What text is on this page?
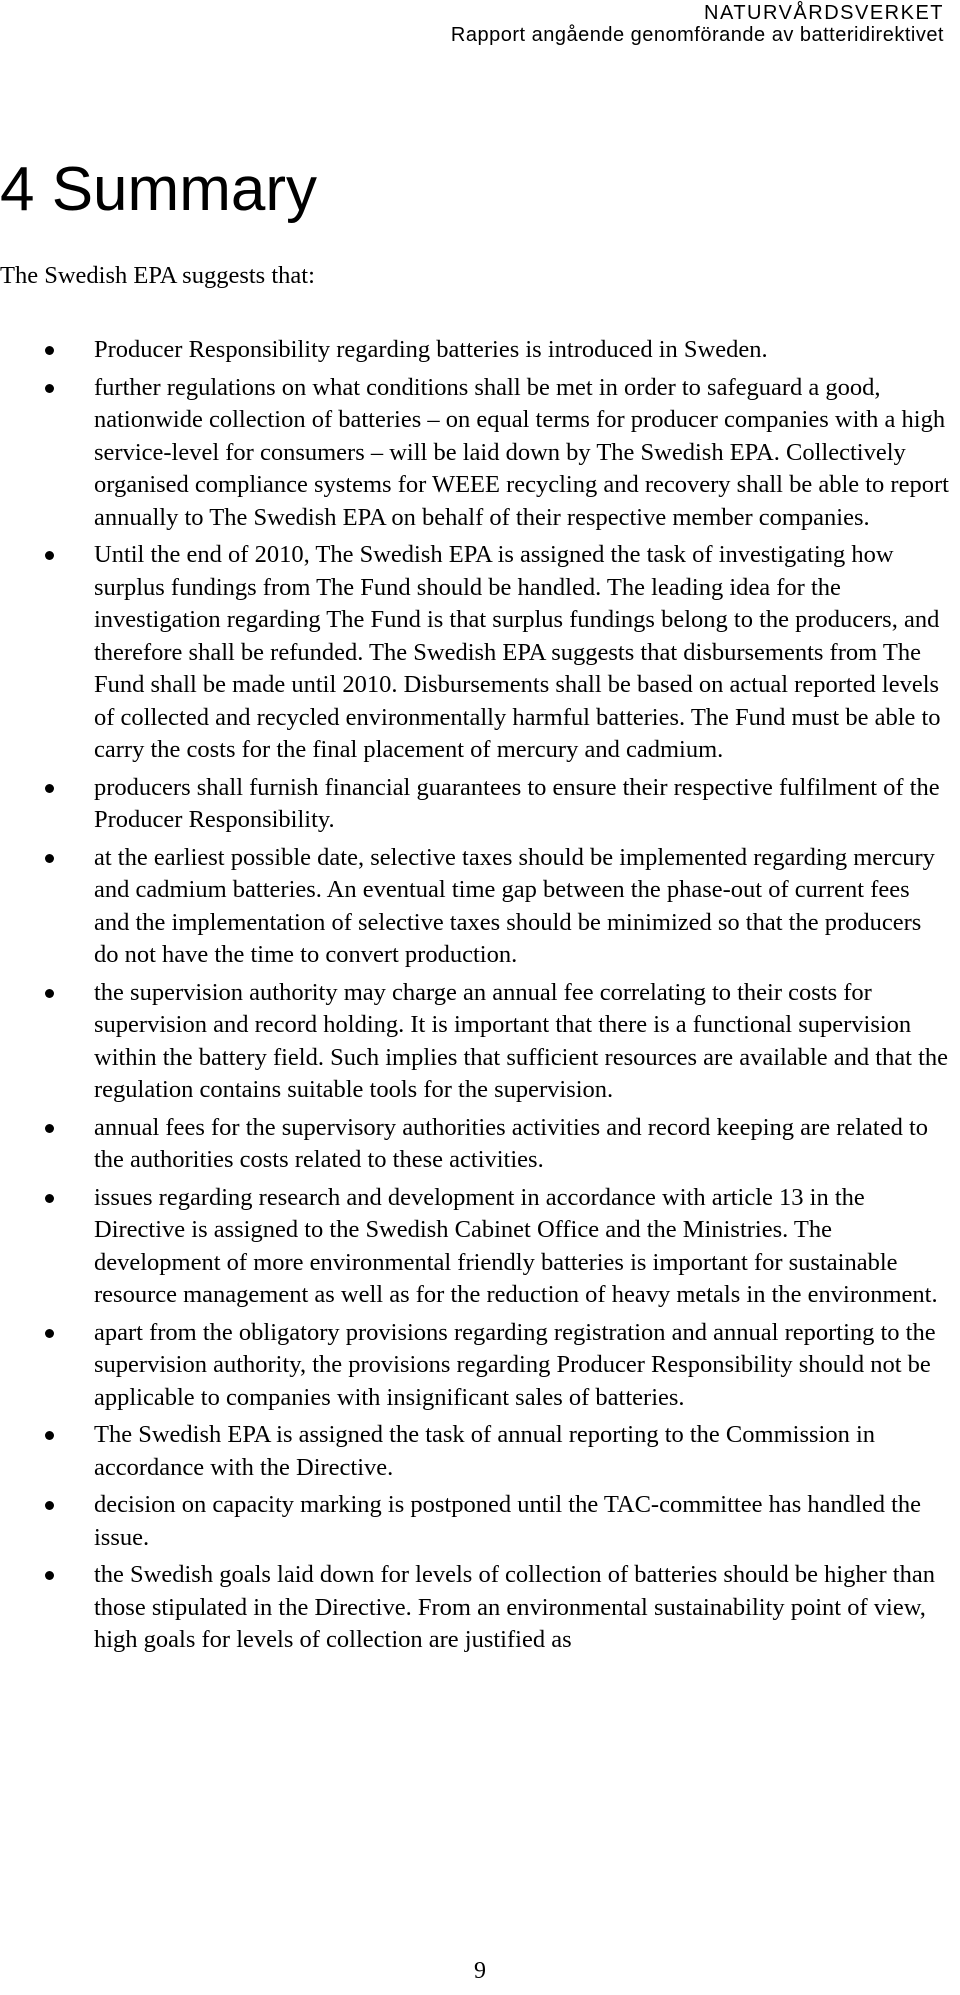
NATURVÅRDSVERKET
Rapport angående genomförande av batteridirektivet
4 Summary

The Swedish EPA suggests that:

Producer Responsibility regarding batteries is introduced in Sweden.
further regulations on what conditions shall be met in order to safeguard a good, nationwide collection of batteries – on equal terms for producer companies with a high service-level for consumers – will be laid down by The Swedish EPA. Collectively organised compliance systems for WEEE recycling and recovery shall be able to report annually to The Swedish EPA on behalf of their respective member companies.
Until the end of 2010, The Swedish EPA is assigned the task of investigating how surplus fundings from The Fund should be handled. The leading idea for the investigation regarding The Fund is that surplus fundings belong to the producers, and therefore shall be refunded. The Swedish EPA suggests that disbursements from The Fund shall be made until 2010. Disbursements shall be based on actual reported levels of collected and recycled environmentally harmful batteries. The Fund must be able to carry the costs for the final placement of mercury and cadmium.
producers shall furnish financial guarantees to ensure their respective fulfilment of the Producer Responsibility.
at the earliest possible date, selective taxes should be implemented regarding mercury and cadmium batteries. An eventual time gap between the phase-out of current fees and the implementation of selective taxes should be minimized so that the producers do not have the time to convert production.
the supervision authority may charge an annual fee correlating to their costs for supervision and record holding. It is important that there is a functional supervision within the battery field. Such implies that sufficient resources are available and that the regulation contains suitable tools for the supervision.
annual fees for the supervisory authorities activities and record keeping are related to the authorities costs related to these activities.
issues regarding research and development in accordance with article 13 in the Directive is assigned to the Swedish Cabinet Office and the Ministries. The development of more environmental friendly batteries is important for sustainable resource management as well as for the reduction of heavy metals in the environment.
apart from the obligatory provisions regarding registration and annual reporting to the supervision authority, the provisions regarding Producer Responsibility should not be applicable to companies with insignificant sales of batteries.
The Swedish EPA is assigned the task of annual reporting to the Commission in accordance with the Directive.
decision on capacity marking is postponed until the TAC-committee has handled the issue.
the Swedish goals laid down for levels of collection of batteries should be higher than those stipulated in the Directive. From an environmental sustainability point of view, high goals for levels of collection are justified as
9
